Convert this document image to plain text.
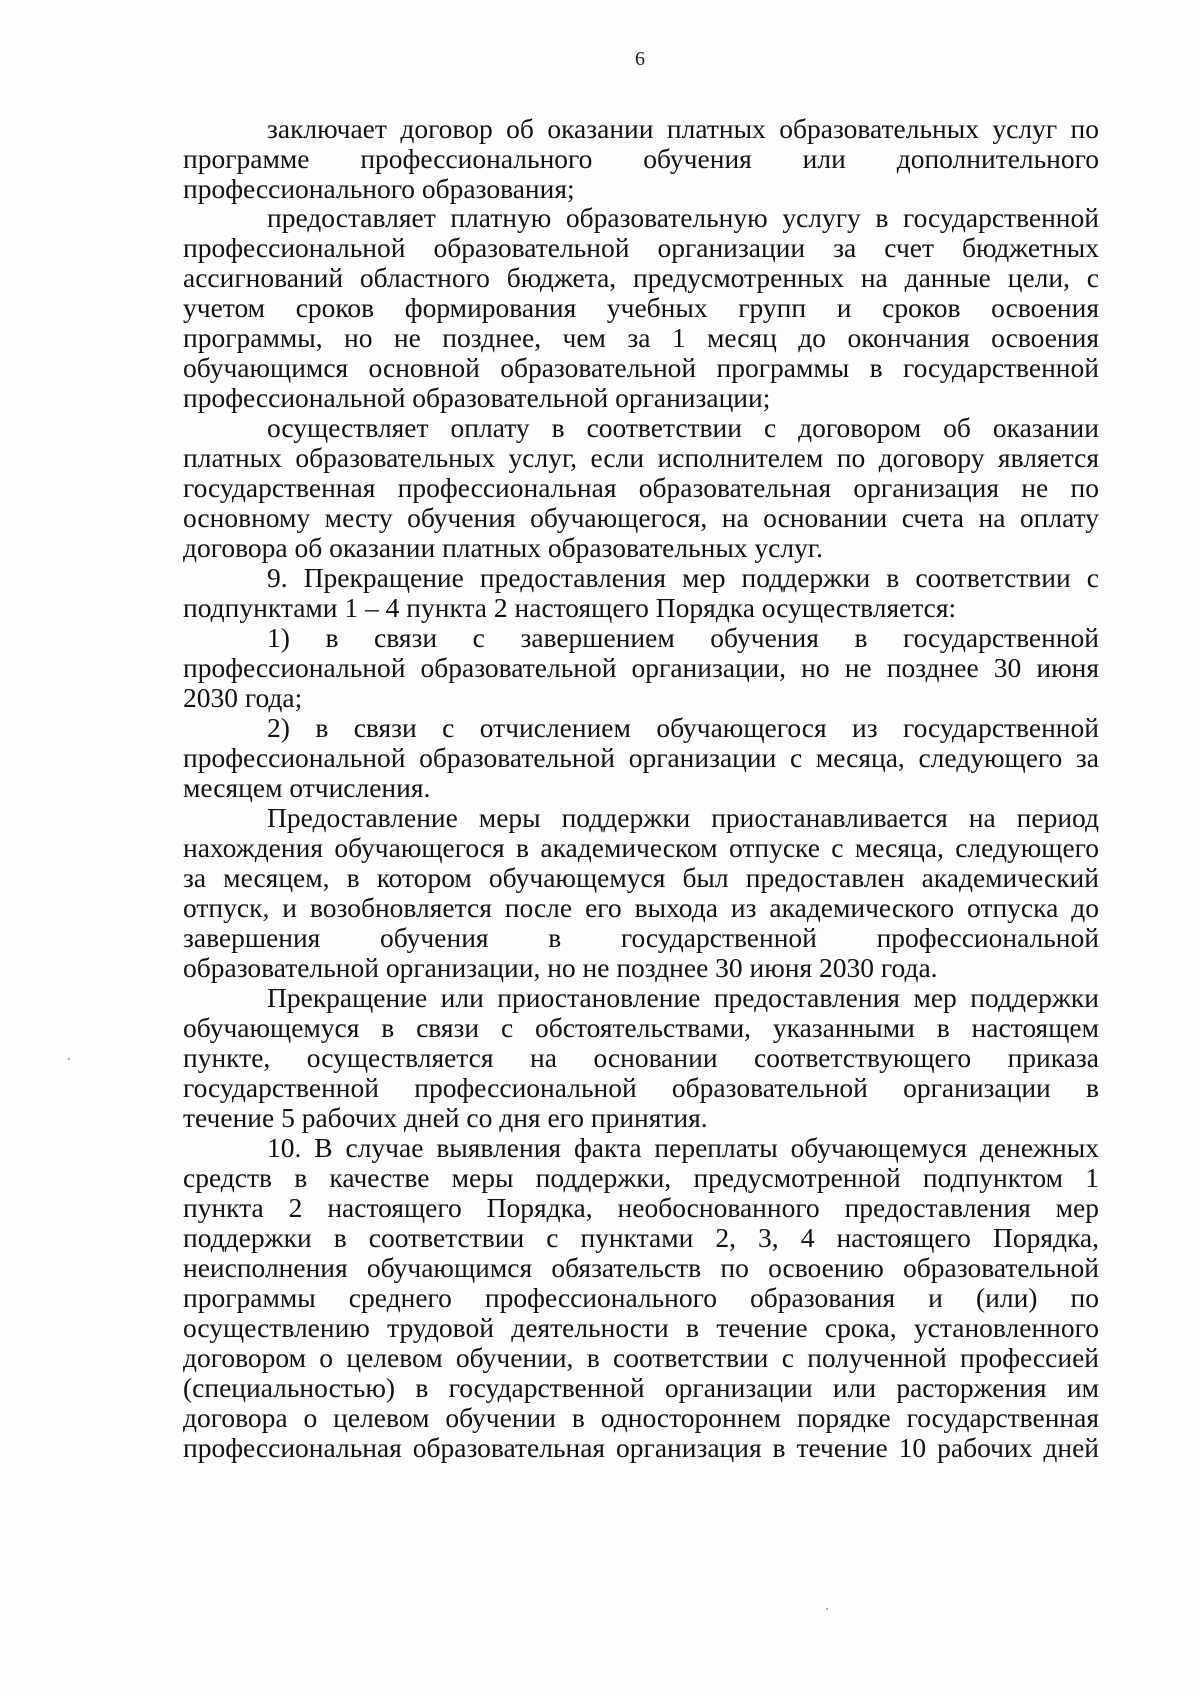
6
заключает договор об оказании платных образовательных услуг по
программе профессионального обучения или дополнительного
профессионального образования;
предоставляет платную образовательную услугу в государственной
профессиональной образовательной организации за счет бюджетных
ассигнований областного бюджета, предусмотренных на данные цели, с
учетом сроков формирования учебных групп и сроков освоения
программы, но не позднее, чем за 1 месяц до окончания освоения
обучающимся основной образовательной программы в государственной
профессиональной образовательной организации;
осуществляет оплату в соответствии с договором об оказании
платных образовательных услуг, если исполнителем по договору является
государственная профессиональная образовательная организация не по
основному месту обучения обучающегося, на основании счета на оплату
договора об оказании платных образовательных услуг.
9. Прекращение предоставления мер поддержки в соответствии с
подпунктами 1 – 4 пункта 2 настоящего Порядка осуществляется:
1) в связи с завершением обучения в государственной
профессиональной образовательной организации, но не позднее 30 июня
2030 года;
2) в связи с отчислением обучающегося из государственной
профессиональной образовательной организации с месяца, следующего за
месяцем отчисления.
Предоставление меры поддержки приостанавливается на период
нахождения обучающегося в академическом отпуске с месяца, следующего
за месяцем, в котором обучающемуся был предоставлен академический
отпуск, и возобновляется после его выхода из академического отпуска до
завершения обучения в государственной профессиональной
образовательной организации, но не позднее 30 июня 2030 года.
Прекращение или приостановление предоставления мер поддержки
обучающемуся в связи с обстоятельствами, указанными в настоящем
пункте, осуществляется на основании соответствующего приказа
государственной профессиональной образовательной организации в
течение 5 рабочих дней со дня его принятия.
10. В случае выявления факта переплаты обучающемуся денежных
средств в качестве меры поддержки, предусмотренной подпунктом 1
пункта 2 настоящего Порядка, необоснованного предоставления мер
поддержки в соответствии с пунктами 2, 3, 4 настоящего Порядка,
неисполнения обучающимся обязательств по освоению образовательной
программы среднего профессионального образования и (или) по
осуществлению трудовой деятельности в течение срока, установленного
договором о целевом обучении, в соответствии с полученной профессией
(специальностью) в государственной организации или расторжения им
договора о целевом обучении в одностороннем порядке государственная
профессиональная образовательная организация в течение 10 рабочих дней
